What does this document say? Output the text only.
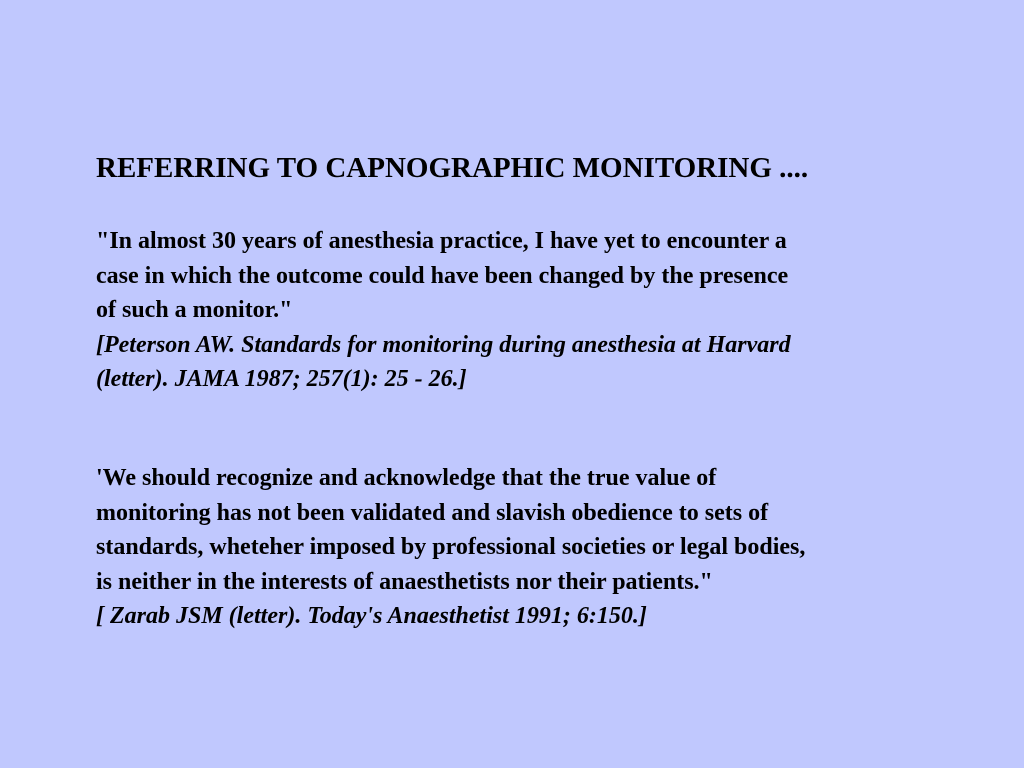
REFERRING TO CAPNOGRAPHIC MONITORING ....
"In almost 30 years of anesthesia practice, I have yet to encounter a
case in which the outcome could have been changed by the presence
of such a monitor."
[Peterson AW. Standards for monitoring during anesthesia at Harvard
(letter). JAMA 1987; 257(1): 25 - 26.]
'We should recognize and acknowledge that the true value of
monitoring has not been validated and slavish obedience to sets of
standards, wheteher imposed by professional societies or legal bodies,
is neither in the interests of anaesthetists nor their patients."
[ Zarab JSM (letter). Today's Anaesthetist 1991; 6:150.]
